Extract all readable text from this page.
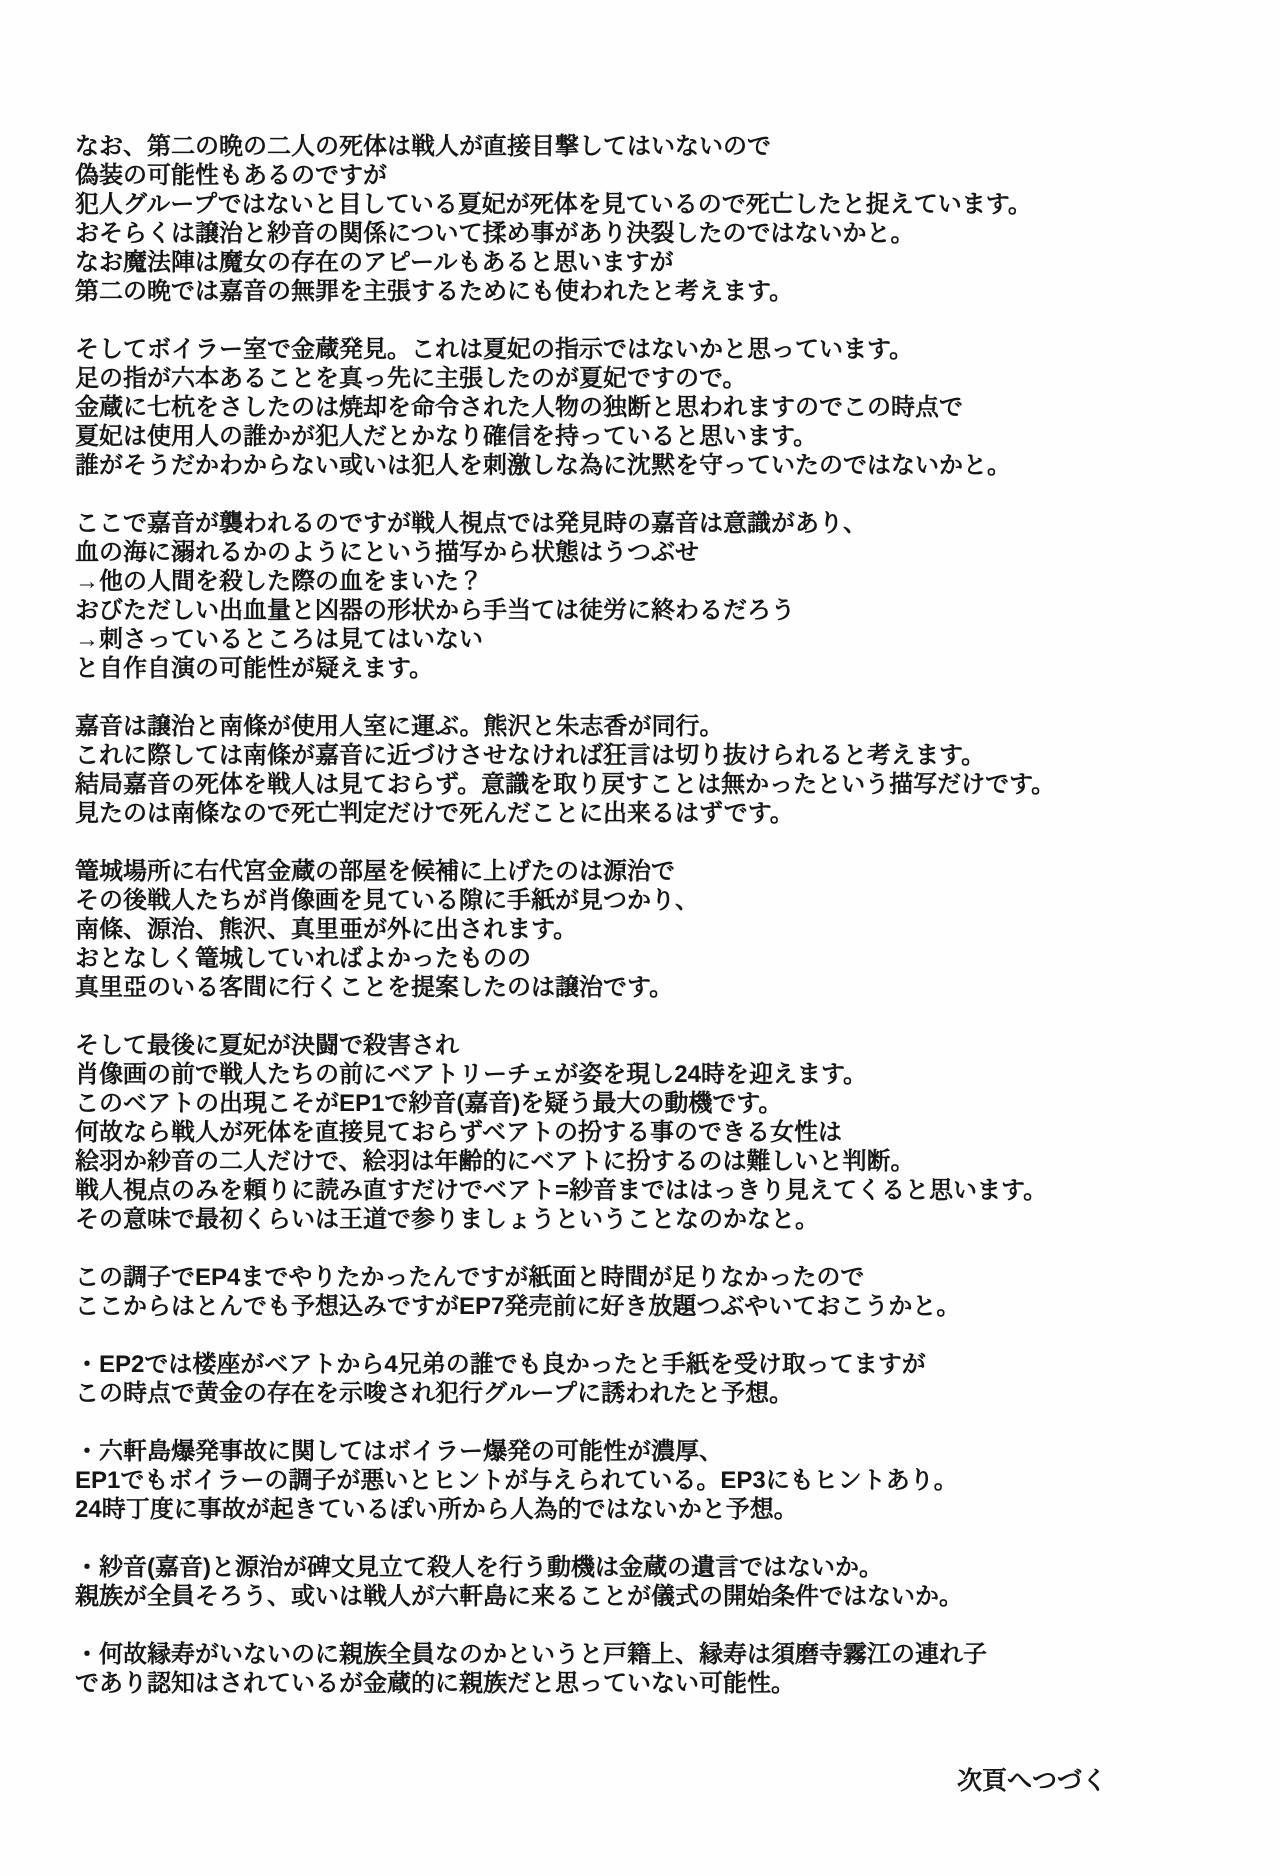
なお、第二の晩の二人の死体は戦人が直接目撃してはいないので
偽装の可能性もあるのですが
犯人グループではないと目している夏妃が死体を見ているので死亡したと捉えています。
おそらくは譲治と紗音の関係について揉め事があり決裂したのではないかと。
なお魔法陣は魔女の存在のアピールもあると思いますが
第二の晩では嘉音の無罪を主張するためにも使われたと考えます。

そしてボイラー室で金蔵発見。これは夏妃の指示ではないかと思っています。
足の指が六本あることを真っ先に主張したのが夏妃ですので。
金蔵に七杭をさしたのは焼却を命令された人物の独断と思われますのでこの時点で
夏妃は使用人の誰かが犯人だとかなり確信を持っていると思います。
誰がそうだかわからない或いは犯人を刺激しな為に沈黙を守っていたのではないかと。

ここで嘉音が襲われるのですが戦人視点では発見時の嘉音は意識があり、
血の海に溺れるかのようにという描写から状態はうつぶせ
→他の人間を殺した際の血をまいた？
おびただしい出血量と凶器の形状から手当ては徒労に終わるだろう
→刺さっているところは見てはいない
と自作自演の可能性が疑えます。

嘉音は譲治と南條が使用人室に運ぶ。熊沢と朱志香が同行。
これに際しては南條が嘉音に近づけさせなければ狂言は切り抜けられると考えます。
結局嘉音の死体を戦人は見ておらず。意識を取り戻すことは無かったという描写だけです。
見たのは南條なので死亡判定だけで死んだことに出来るはずです。

篭城場所に右代宮金蔵の部屋を候補に上げたのは源治で
その後戦人たちが肖像画を見ている隙に手紙が見つかり、
南條、源治、熊沢、真里亜が外に出されます。
おとなしく篭城していればよかったものの
真里亞のいる客間に行くことを提案したのは譲治です。

そして最後に夏妃が決闘で殺害され
肖像画の前で戦人たちの前にベアトリーチェが姿を現し24時を迎えます。
このベアトの出現こそがEP1で紗音(嘉音)を疑う最大の動機です。
何故なら戦人が死体を直接見ておらずベアトの扮する事のできる女性は
絵羽か紗音の二人だけで、絵羽は年齢的にベアトに扮するのは難しいと判断。
戦人視点のみを頼りに読み直すだけでベアト=紗音までははっきり見えてくると思います。
その意味で最初くらいは王道で参りましょうということなのかなと。

この調子でEP4までやりたかったんですが紙面と時間が足りなかったので
ここからはとんでも予想込みですがEP7発売前に好き放題つぶやいておこうかと。

・EP2では楼座がベアトから4兄弟の誰でも良かったと手紙を受け取ってますが
この時点で黄金の存在を示唆され犯行グループに誘われたと予想。

・六軒島爆発事故に関してはボイラー爆発の可能性が濃厚、
EP1でもボイラーの調子が悪いとヒントが与えられている。EP3にもヒントあり。
24時丁度に事故が起きているぽい所から人為的ではないかと予想。

・紗音(嘉音)と源治が碑文見立て殺人を行う動機は金蔵の遺言ではないか。
親族が全員そろう、或いは戦人が六軒島に来ることが儀式の開始条件ではないか。

・何故縁寿がいないのに親族全員なのかというと戸籍上、縁寿は須磨寺霧江の連れ子
であり認知はされているが金蔵的に親族だと思っていない可能性。

次頁へつづく
